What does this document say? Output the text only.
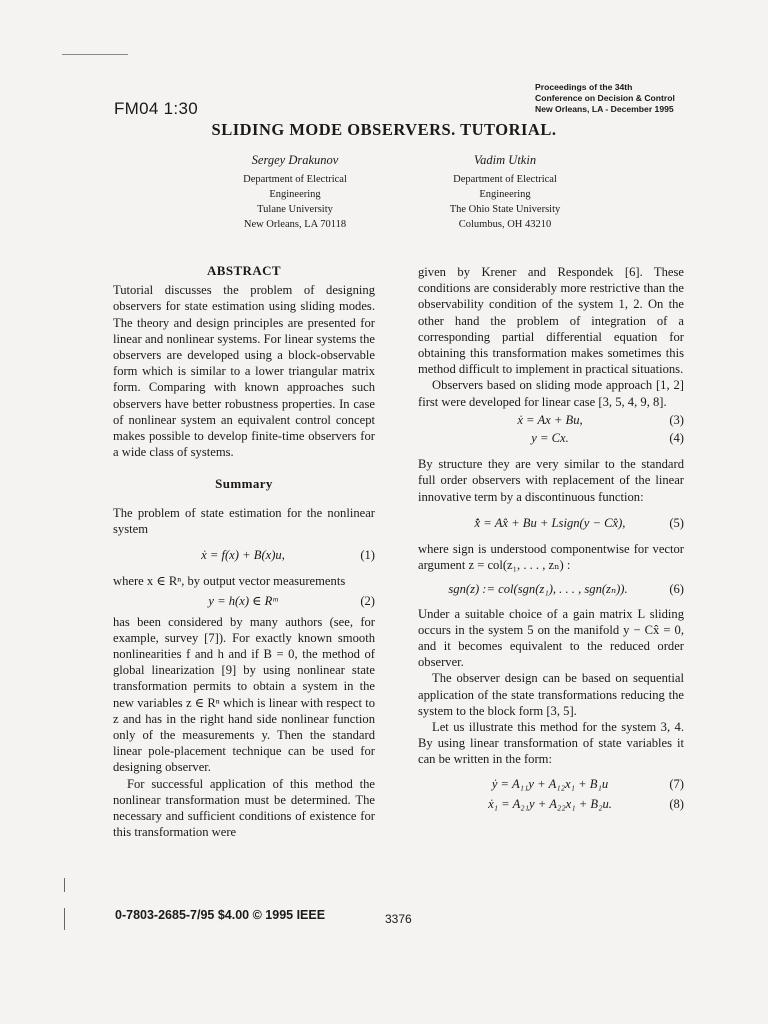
FM04 1:30
Proceedings of the 34th
Conference on Decision & Control
New Orleans, LA - December 1995
SLIDING MODE OBSERVERS. TUTORIAL.
Sergey Drakunov
Department of Electrical
Engineering
Tulane University
New Orleans, LA 70118
Vadim Utkin
Department of Electrical
Engineering
The Ohio State University
Columbus, OH 43210
ABSTRACT

Tutorial discusses the problem of designing observers for state estimation using sliding modes. The theory and design principles are presented for linear and nonlinear systems. For linear systems the observers are developed using a block-observable form which is similar to a lower triangular matrix form. Comparing with known approaches such observers have better robustness properties. In case of nonlinear system an equivalent control concept makes possible to develop finite-time observers for a wide class of systems.

Summary

The problem of state estimation for the nonlinear system

ẋ = f(x) + B(x)u,	(1)

where x ∈ Rⁿ, by output vector measurements

y = h(x) ∈ Rᵐ	(2)

has been considered by many authors (see, for example, survey [7]). For exactly known smooth nonlinearities f and h and if B = 0, the method of global linearization [9] by using nonlinear state transformation permits to obtain a system in the new variables z ∈ Rⁿ which is linear with respect to z and has in the right hand side nonlinear function only of the measurements y. Then the standard linear pole-placement technique can be used for designing observer.

For successful application of this method the nonlinear transformation must be determined. The necessary and sufficient conditions of existence for this transformation were

given by Krener and Respondek [6]. These conditions are considerably more restrictive than the observability condition of the system 1, 2. On the other hand the problem of integration of a corresponding partial differential equation for obtaining this transformation makes sometimes this method difficult to implement in practical situations.

Observers based on sliding mode approach [1, 2] first were developed for linear case [3, 5, 4, 9, 8].

ẋ = Ax + Bu,	(3)
y = Cx.	(4)

By structure they are very similar to the standard full order observers with replacement of the linear innovative term by a discontinuous function:

x̂̇ = Ax̂ + Bu + Lsign(y − Cx̂),	(5)

where sign is understood componentwise for vector argument z = col(z₁, . . . , zₙ) :

sgn(z) := col(sgn(z₁), . . . , sgn(zₙ)).	(6)

Under a suitable choice of a gain matrix L sliding occurs in the system 5 on the manifold y − Cx̂ = 0, and it becomes equivalent to the reduced order observer.

The observer design can be based on sequential application of the state transformations reducing the system to the block form [3, 5].

Let us illustrate this method for the system 3, 4. By using linear transformation of state variables it can be written in the form:

ẏ = A₁₁y + A₁₂x₁ + B₁u	(7)
ẋ₁ = A₂₁y + A₂₂x₁ + B₂u.	(8)
0-7803-2685-7/95 $4.00 © 1995 IEEE	3376
